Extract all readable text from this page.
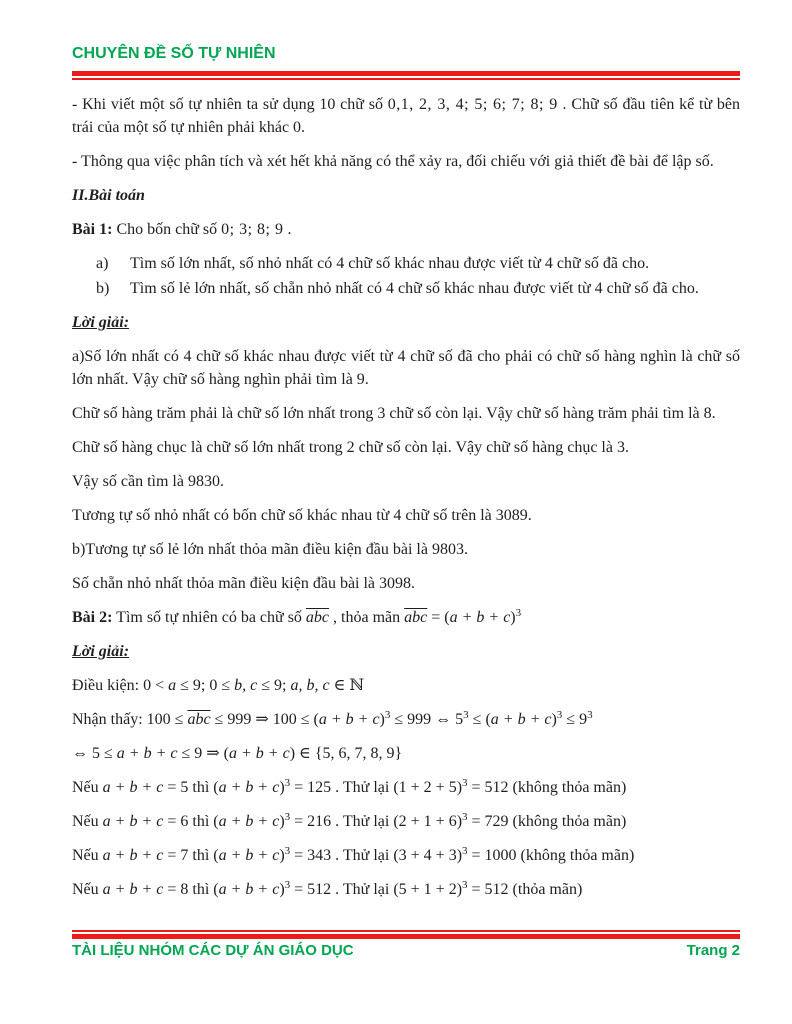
CHUYÊN ĐỀ SỐ TỰ NHIÊN

- Khi viết một số tự nhiên ta sử dụng 10 chữ số 0,1, 2, 3, 4; 5; 6; 7; 8; 9 . Chữ số đầu tiên kể từ bên trái của một số tự nhiên phải khác 0.

- Thông qua việc phân tích và xét hết khả năng có thể xảy ra, đối chiếu với giả thiết đề bài để lập số.

II.Bài toán

Bài 1: Cho bốn chữ số 0; 3; 8; 9 .

a) Tìm số lớn nhất, số nhỏ nhất có 4 chữ số khác nhau được viết từ 4 chữ số đã cho.

b) Tìm số lẻ lớn nhất, số chẵn nhỏ nhất có 4 chữ số khác nhau được viết từ 4 chữ số đã cho.

Lời giải:

a)Số lớn nhất có 4 chữ số khác nhau được viết từ 4 chữ số đã cho phải có chữ số hàng nghìn là chữ số lớn nhất. Vậy chữ số hàng nghìn phải tìm là 9.

Chữ số hàng trăm phải là chữ số lớn nhất trong 3 chữ số còn lại. Vậy chữ số hàng trăm phải tìm là 8.

Chữ số hàng chục là chữ số lớn nhất trong 2 chữ số còn lại. Vậy chữ số hàng chục là 3.

Vậy số cần tìm là 9830.

Tương tự số nhỏ nhất có bốn chữ số khác nhau từ 4 chữ số trên là 3089.

b)Tương tự số lẻ lớn nhất thỏa mãn điều kiện đầu bài là 9803.

Số chẵn nhỏ nhất thỏa mãn điều kiện đầu bài là 3098.

Bài 2: Tìm số tự nhiên có ba chữ số $\overline{abc}$ , thỏa mãn $\overline{abc} = (a + b + c)^3$

Lời giải:

Điều kiện: 0 < a ≤ 9; 0 ≤ b, c ≤ 9; a, b, c ∈ ℕ

Nhận thấy: $100 \le \overline{abc} \le 999$ ⇒ $100 \le (a + b + c)^3 \le 999$ ⇔ $5^3 \le (a + b + c)^3 \le 9^3$

⇔ 5 ≤ a + b + c ≤ 9 ⇒ (a + b + c) ∈ {5, 6, 7, 8, 9}

Nếu a + b + c = 5 thì $(a + b + c)^3 = 125$ . Thử lại $(1 + 2 + 5)^3 = 512$ (không thỏa mãn)

Nếu a + b + c = 6 thì $(a + b + c)^3 = 216$ . Thử lại $(2 + 1 + 6)^3 = 729$ (không thỏa mãn)

Nếu a + b + c = 7 thì $(a + b + c)^3 = 343$ . Thử lại $(3 + 4 + 3)^3 = 1000$ (không thỏa mãn)

Nếu a + b + c = 8 thì $(a + b + c)^3 = 512$ . Thử lại $(5 + 1 + 2)^3 = 512$ (thỏa mãn)

TÀI LIỆU NHÓM CÁC DỰ ÁN GIÁO DỤC	Trang 2
